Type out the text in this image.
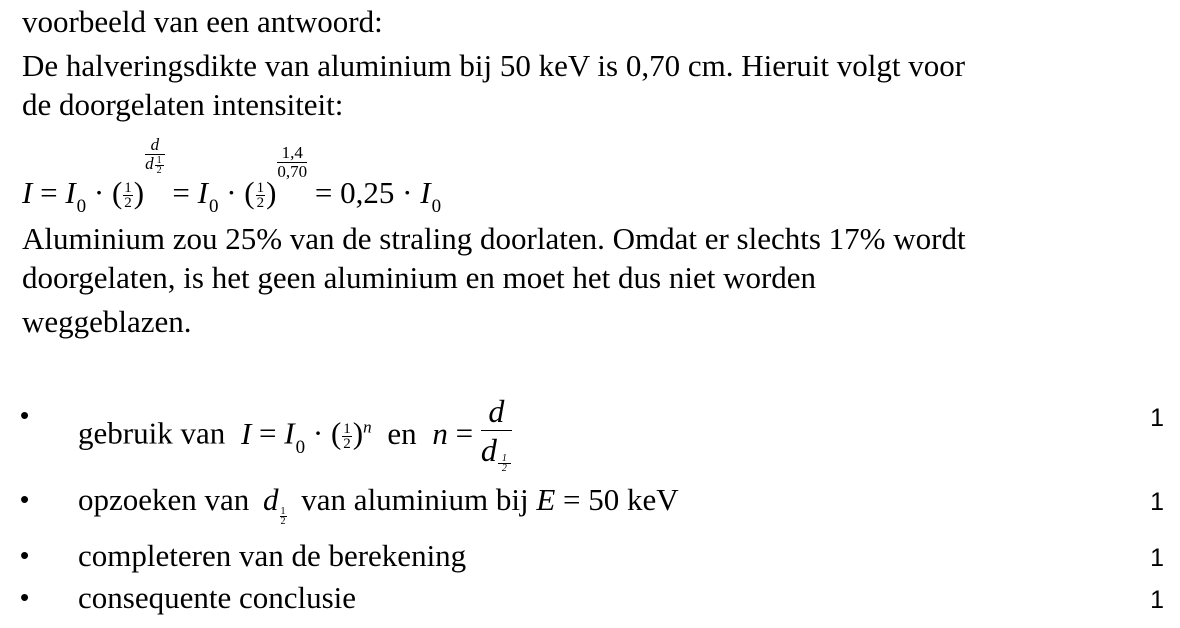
voorbeeld van een antwoord:
De halveringsdikte van aluminium bij 50 keV is 0,70 cm. Hieruit volgt voor
de doorgelaten intensiteit:
$I = I_0$ · ( $\frac{1}{2}$ )
$\frac{d}{d \frac{1}{2}}$
= $I_0$ · ( $\frac{1}{2}$ )
$\frac{1,4}{0,70}$
= $0,25 \cdot I_0$
Aluminium zou 25% van de straling doorlaten. Omdat er slechts 17% wordt
doorgelaten, is het geen aluminium en moet het dus niet worden
weggeblazen.
•
gebruik van $I = I_0$ · ( $\frac{1}{2} )^n$ en $n = \frac{d}{d \frac{1}{2}}$	1
• opzoeken van d $\frac{1}{2}$ van aluminium bij E = 50 keV	1
• completeren van de berekening	1
• consequente conclusie	1
